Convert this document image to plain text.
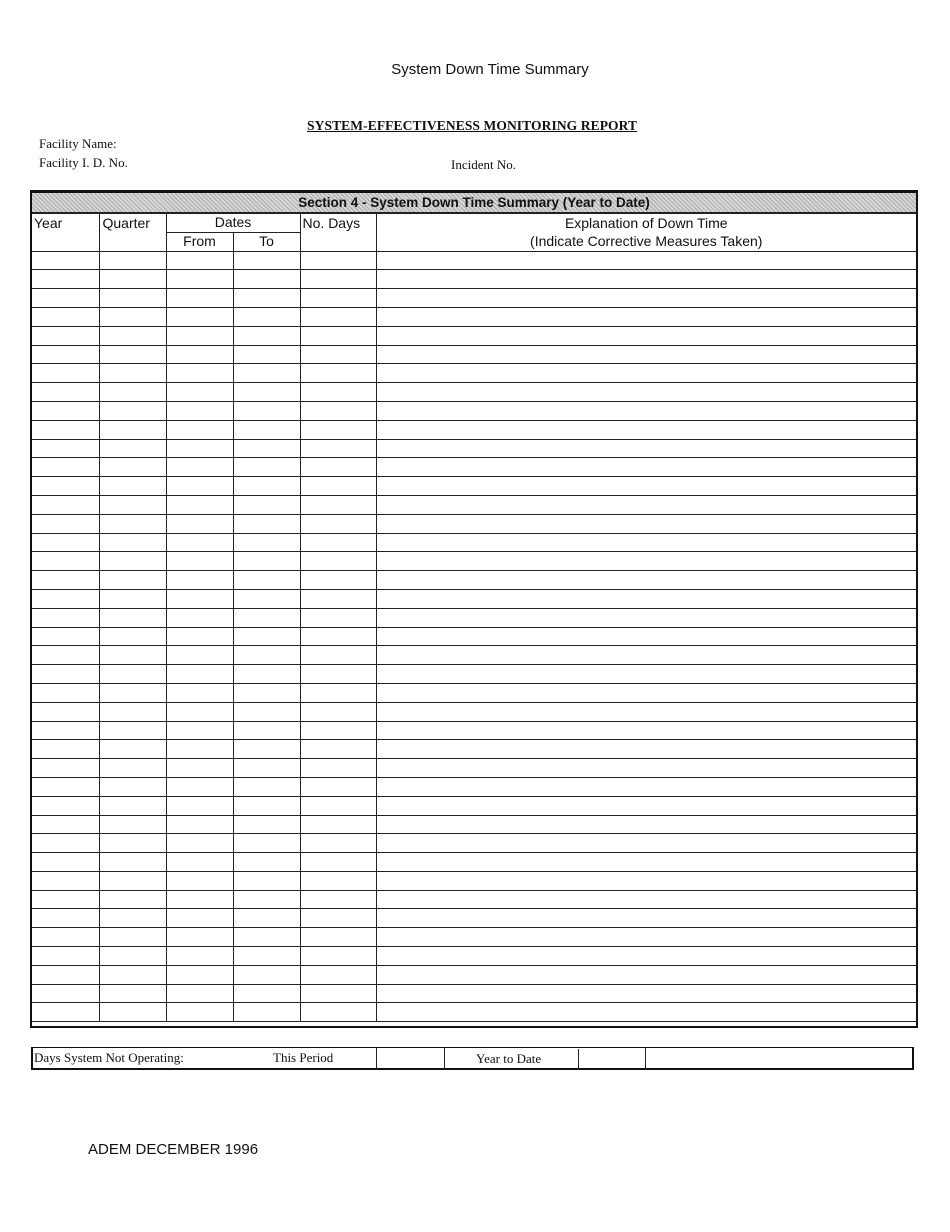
System Down Time Summary
SYSTEM-EFFECTIVENESS MONITORING REPORT
Facility Name:
Facility I. D. No.	Incident No.
Section 4 - System Down Time Summary (Year to Date)
Year	Quarter	Dates		No. Days	Explanation of Down Time
		From	To		(Indicate Corrective Measures Taken)

Days System Not Operating:	This Period	Year to Date
ADEM DECEMBER 1996
